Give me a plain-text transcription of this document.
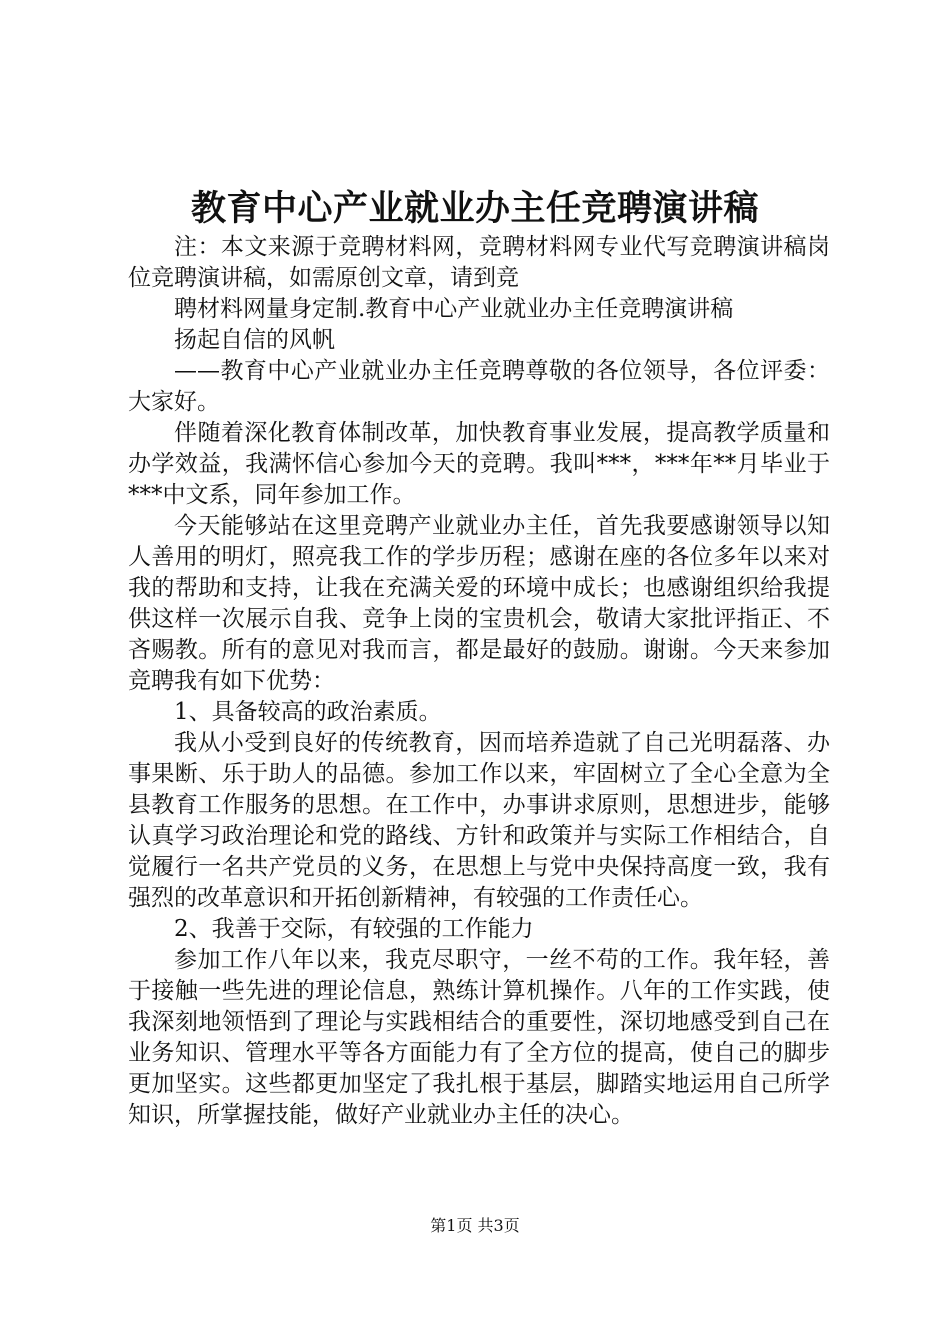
教育中心产业就业办主任竞聘演讲稿

注：本文来源于竞聘材料网，竞聘材料网专业代写竞聘演讲稿岗位竞聘演讲稿，如需原创文章，请到竞

聘材料网量身定制.教育中心产业就业办主任竞聘演讲稿

扬起自信的风帆

——教育中心产业就业办主任竞聘尊敬的各位领导，各位评委：大家好。

伴随着深化教育体制改革，加快教育事业发展，提高教学质量和办学效益，我满怀信心参加今天的竞聘。我叫***，***年**月毕业于***中文系，同年参加工作。

今天能够站在这里竞聘产业就业办主任，首先我要感谢领导以知人善用的明灯，照亮我工作的学步历程；感谢在座的各位多年以来对我的帮助和支持，让我在充满关爱的环境中成长；也感谢组织给我提供这样一次展示自我、竞争上岗的宝贵机会，敬请大家批评指正、不吝赐教。所有的意见对我而言，都是最好的鼓励。谢谢。今天来参加竞聘我有如下优势：

1、具备较高的政治素质。

我从小受到良好的传统教育，因而培养造就了自己光明磊落、办事果断、乐于助人的品德。参加工作以来，牢固树立了全心全意为全县教育工作服务的思想。在工作中，办事讲求原则，思想进步，能够认真学习政治理论和党的路线、方针和政策并与实际工作相结合，自觉履行一名共产党员的义务，在思想上与党中央保持高度一致，我有强烈的改革意识和开拓创新精神，有较强的工作责任心。

2、我善于交际，有较强的工作能力

参加工作八年以来，我克尽职守，一丝不苟的工作。我年轻，善于接触一些先进的理论信息，熟练计算机操作。八年的工作实践，使我深刻地领悟到了理论与实践相结合的重要性，深切地感受到自己在业务知识、管理水平等各方面能力有了全方位的提高，使自己的脚步更加坚实。这些都更加坚定了我扎根于基层，脚踏实地运用自己所学知识，所掌握技能，做好产业就业办主任的决心。

第1页 共3页
